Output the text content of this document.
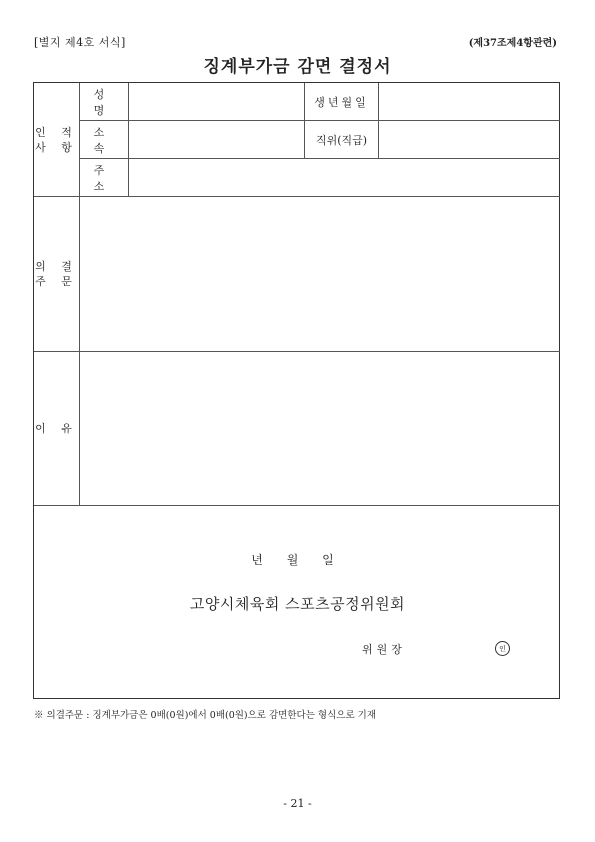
[별지 제4호 서식]	(제37조제4항관련)
징계부가금 감면 결정서
인 적
사 항
성 명
생년월일
소 속
직위(직급)
주 소
의 결
주 문
이 유
년 월 일
고양시체육회 스포츠공정위원회
위원장	인
※ 의결주문 : 징계부가금은 0배(0원)에서 0배(0원)으로 감면한다는 형식으로 기재
- 21 -
